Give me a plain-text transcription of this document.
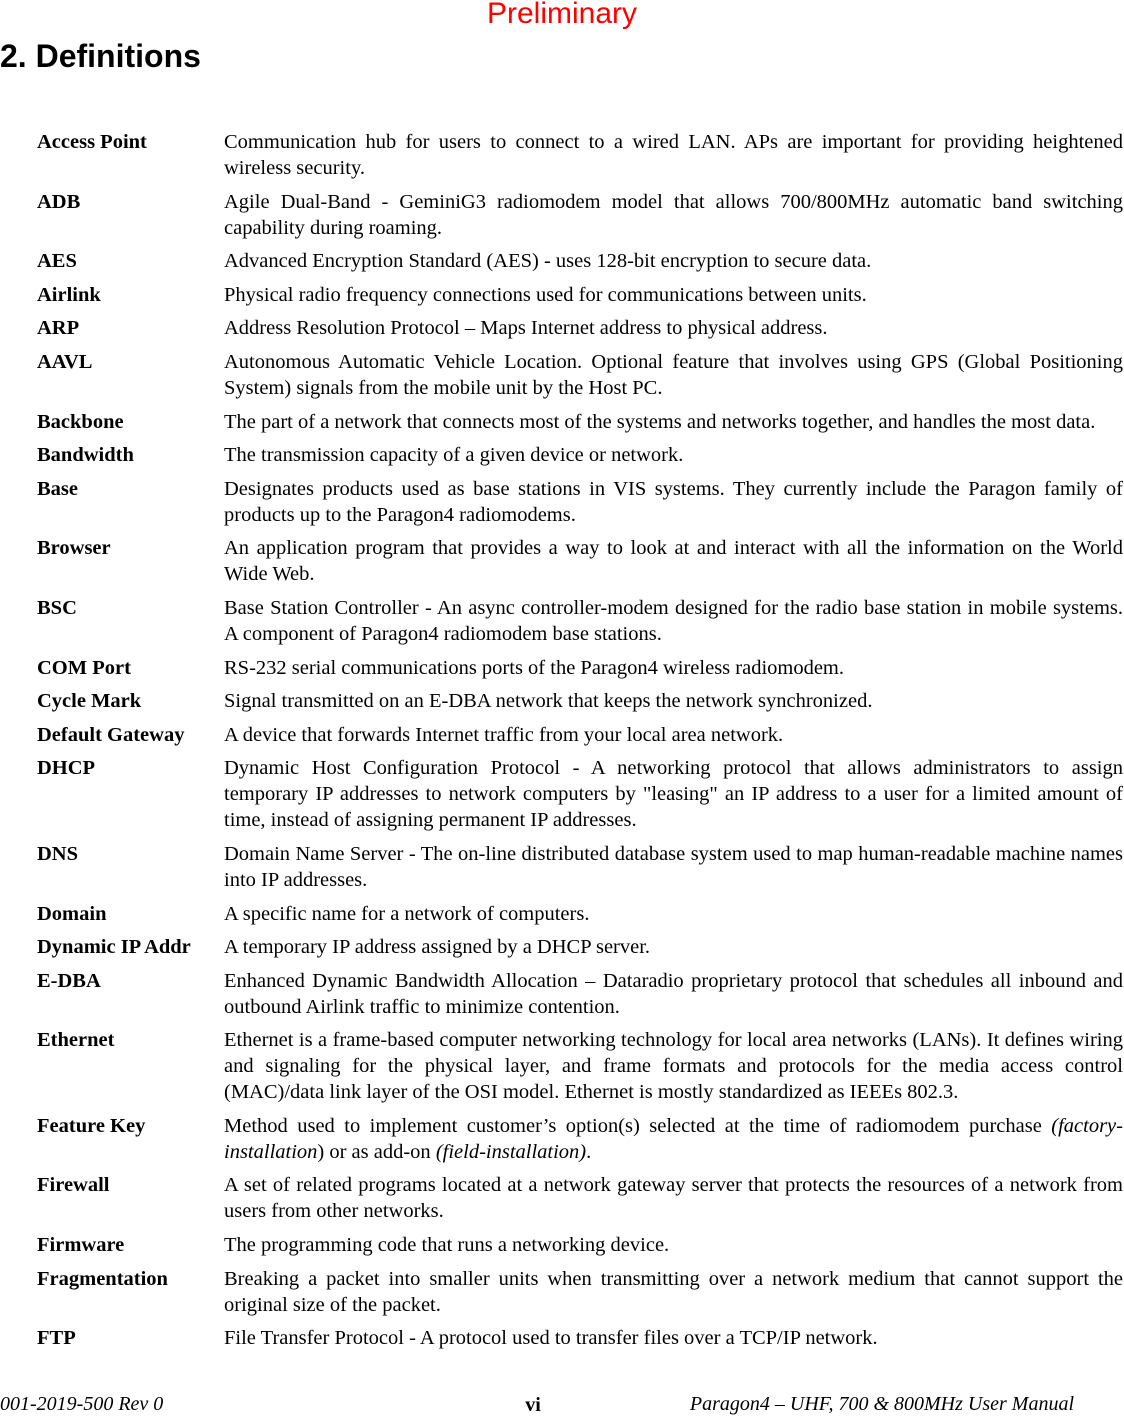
Preliminary
2. Definitions
Access Point	Communication hub for users to connect to a wired LAN. APs are important for providing heightened wireless security.
ADB	Agile Dual-Band - GeminiG3 radiomodem model that allows 700/800MHz automatic band switching capability during roaming.
AES	Advanced Encryption Standard (AES) - uses 128-bit encryption to secure data.
Airlink	Physical radio frequency connections used for communications between units.
ARP	Address Resolution Protocol – Maps Internet address to physical address.
AAVL	Autonomous Automatic Vehicle Location. Optional feature that involves using GPS (Global Positioning System) signals from the mobile unit by the Host PC.
Backbone	The part of a network that connects most of the systems and networks together, and handles the most data.
Bandwidth	The transmission capacity of a given device or network.
Base	Designates products used as base stations in VIS systems. They currently include the Paragon family of products up to the Paragon4 radiomodems.
Browser	An application program that provides a way to look at and interact with all the information on the World Wide Web.
BSC	Base Station Controller - An async controller-modem designed for the radio base station in mobile systems. A component of Paragon4 radiomodem base stations.
COM Port	RS-232 serial communications ports of the Paragon4 wireless radiomodem.
Cycle Mark	Signal transmitted on an E-DBA network that keeps the network synchronized.
Default Gateway	A device that forwards Internet traffic from your local area network.
DHCP	Dynamic Host Configuration Protocol - A networking protocol that allows administrators to assign temporary IP addresses to network computers by "leasing" an IP address to a user for a limited amount of time, instead of assigning permanent IP addresses.
DNS	Domain Name Server - The on-line distributed database system used to map human-readable machine names into IP addresses.
Domain	A specific name for a network of computers.
Dynamic IP Addr	A temporary IP address assigned by a DHCP server.
E-DBA	Enhanced Dynamic Bandwidth Allocation – Dataradio proprietary protocol that schedules all inbound and outbound Airlink traffic to minimize contention.
Ethernet	Ethernet is a frame-based computer networking technology for local area networks (LANs). It defines wiring and signaling for the physical layer, and frame formats and protocols for the media access control (MAC)/data link layer of the OSI model. Ethernet is mostly standardized as IEEEs 802.3.
Feature Key	Method used to implement customer’s option(s) selected at the time of radiomodem purchase (factory-installation) or as add-on (field-installation).
Firewall	A set of related programs located at a network gateway server that protects the resources of a network from users from other networks.
Firmware	The programming code that runs a networking device.
Fragmentation	Breaking a packet into smaller units when transmitting over a network medium that cannot support the original size of the packet.
FTP	File Transfer Protocol - A protocol used to transfer files over a TCP/IP network.
001-2019-500 Rev 0	vi	Paragon4 – UHF, 700 & 800MHz User Manual
